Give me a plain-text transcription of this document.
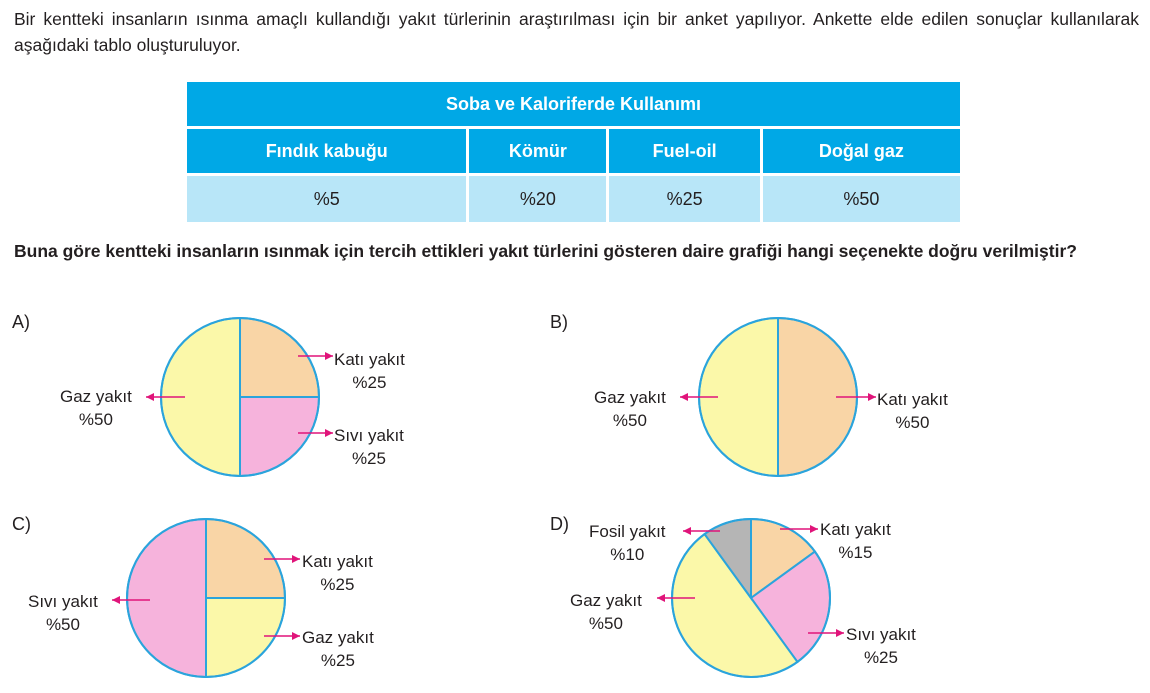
Bir kentteki insanların ısınma amaçlı kullandığı yakıt türlerinin araştırılması için bir anket yapılıyor. Ankette elde edilen sonuçlar kullanılarak aşağıdaki tablo oluşturuluyor.
Soba ve Kaloriferde Kullanımı			
Fındık kabuğu	Kömür	Fuel-oil	Doğal gaz
%5	%20	%25	%50
Buna göre kentteki insanların ısınmak için tercih ettikleri yakıt türlerini gösteren daire grafiği hangi seçenekte doğru verilmiştir?
A)	B)
C)	D)
Katı yakıt
%25
Sıvı yakıt
%25
Gaz yakıt
%50
Katı yakıt
%50
Gaz yakıt
%50
Katı yakıt
%25
Gaz yakıt
%25
Sıvı yakıt
%50
Katı yakıt
%15
Sıvı yakıt
%25
Gaz yakıt
%50
Fosil yakıt
%10
